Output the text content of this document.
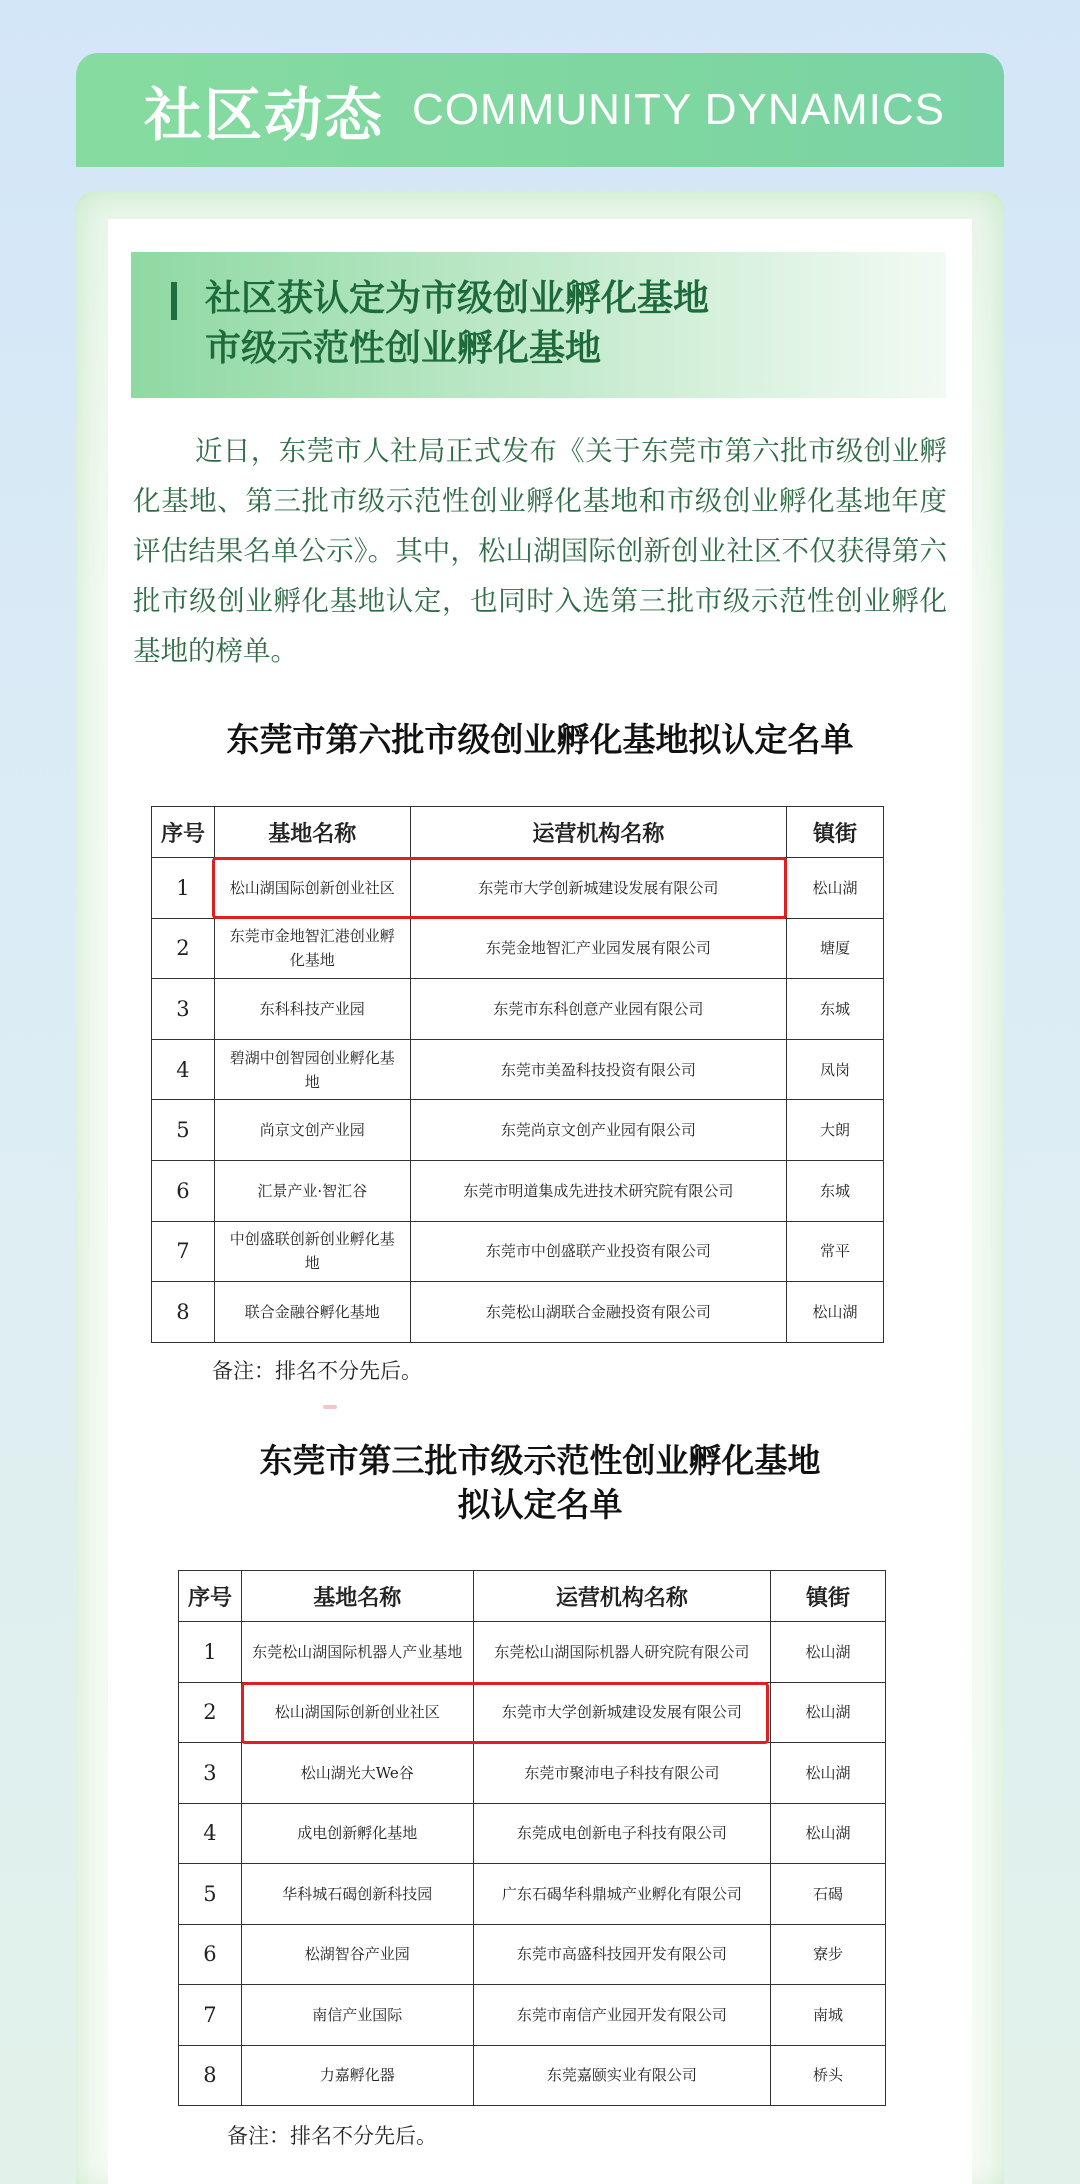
社区动态 COMMUNITY DYNAMICS
社区获认定为市级创业孵化基地
市级示范性创业孵化基地

近日，东莞市人社局正式发布《关于东莞市第六批市级创业孵化基地、第三批市级示范性创业孵化基地和市级创业孵化基地年度评估结果名单公示》。其中，松山湖国际创新创业社区不仅获得第六批市级创业孵化基地认定，也同时入选第三批市级示范性创业孵化基地的榜单。

东莞市第六批市级创业孵化基地拟认定名单
序号	基地名称	运营机构名称	镇街
1	松山湖国际创新创业社区	东莞市大学创新城建设发展有限公司	松山湖
2	东莞市金地智汇港创业孵化基地	东莞金地智汇产业园发展有限公司	塘厦
3	东科科技产业园	东莞市东科创意产业园有限公司	东城
4	碧湖中创智园创业孵化基地	东莞市美盈科技投资有限公司	凤岗
5	尚京文创产业园	东莞尚京文创产业园有限公司	大朗
6	汇景产业·智汇谷	东莞市明道集成先进技术研究院有限公司	东城
7	中创盛联创新创业孵化基地	东莞市中创盛联产业投资有限公司	常平
8	联合金融谷孵化基地	东莞松山湖联合金融投资有限公司	松山湖
备注：排名不分先后。
东莞市第三批市级示范性创业孵化基地
拟认定名单
序号	基地名称	运营机构名称	镇街
1	东莞松山湖国际机器人产业基地	东莞松山湖国际机器人研究院有限公司	松山湖
2	松山湖国际创新创业社区	东莞市大学创新城建设发展有限公司	松山湖
3	松山湖光大We谷	东莞市聚沛电子科技有限公司	松山湖
4	成电创新孵化基地	东莞成电创新电子科技有限公司	松山湖
5	华科城石碣创新科技园	广东石碣华科鼎城产业孵化有限公司	石碣
6	松湖智谷产业园	东莞市高盛科技园开发有限公司	寮步
7	南信产业国际	东莞市南信产业园开发有限公司	南城
8	力嘉孵化器	东莞嘉颐实业有限公司	桥头
备注：排名不分先后。
